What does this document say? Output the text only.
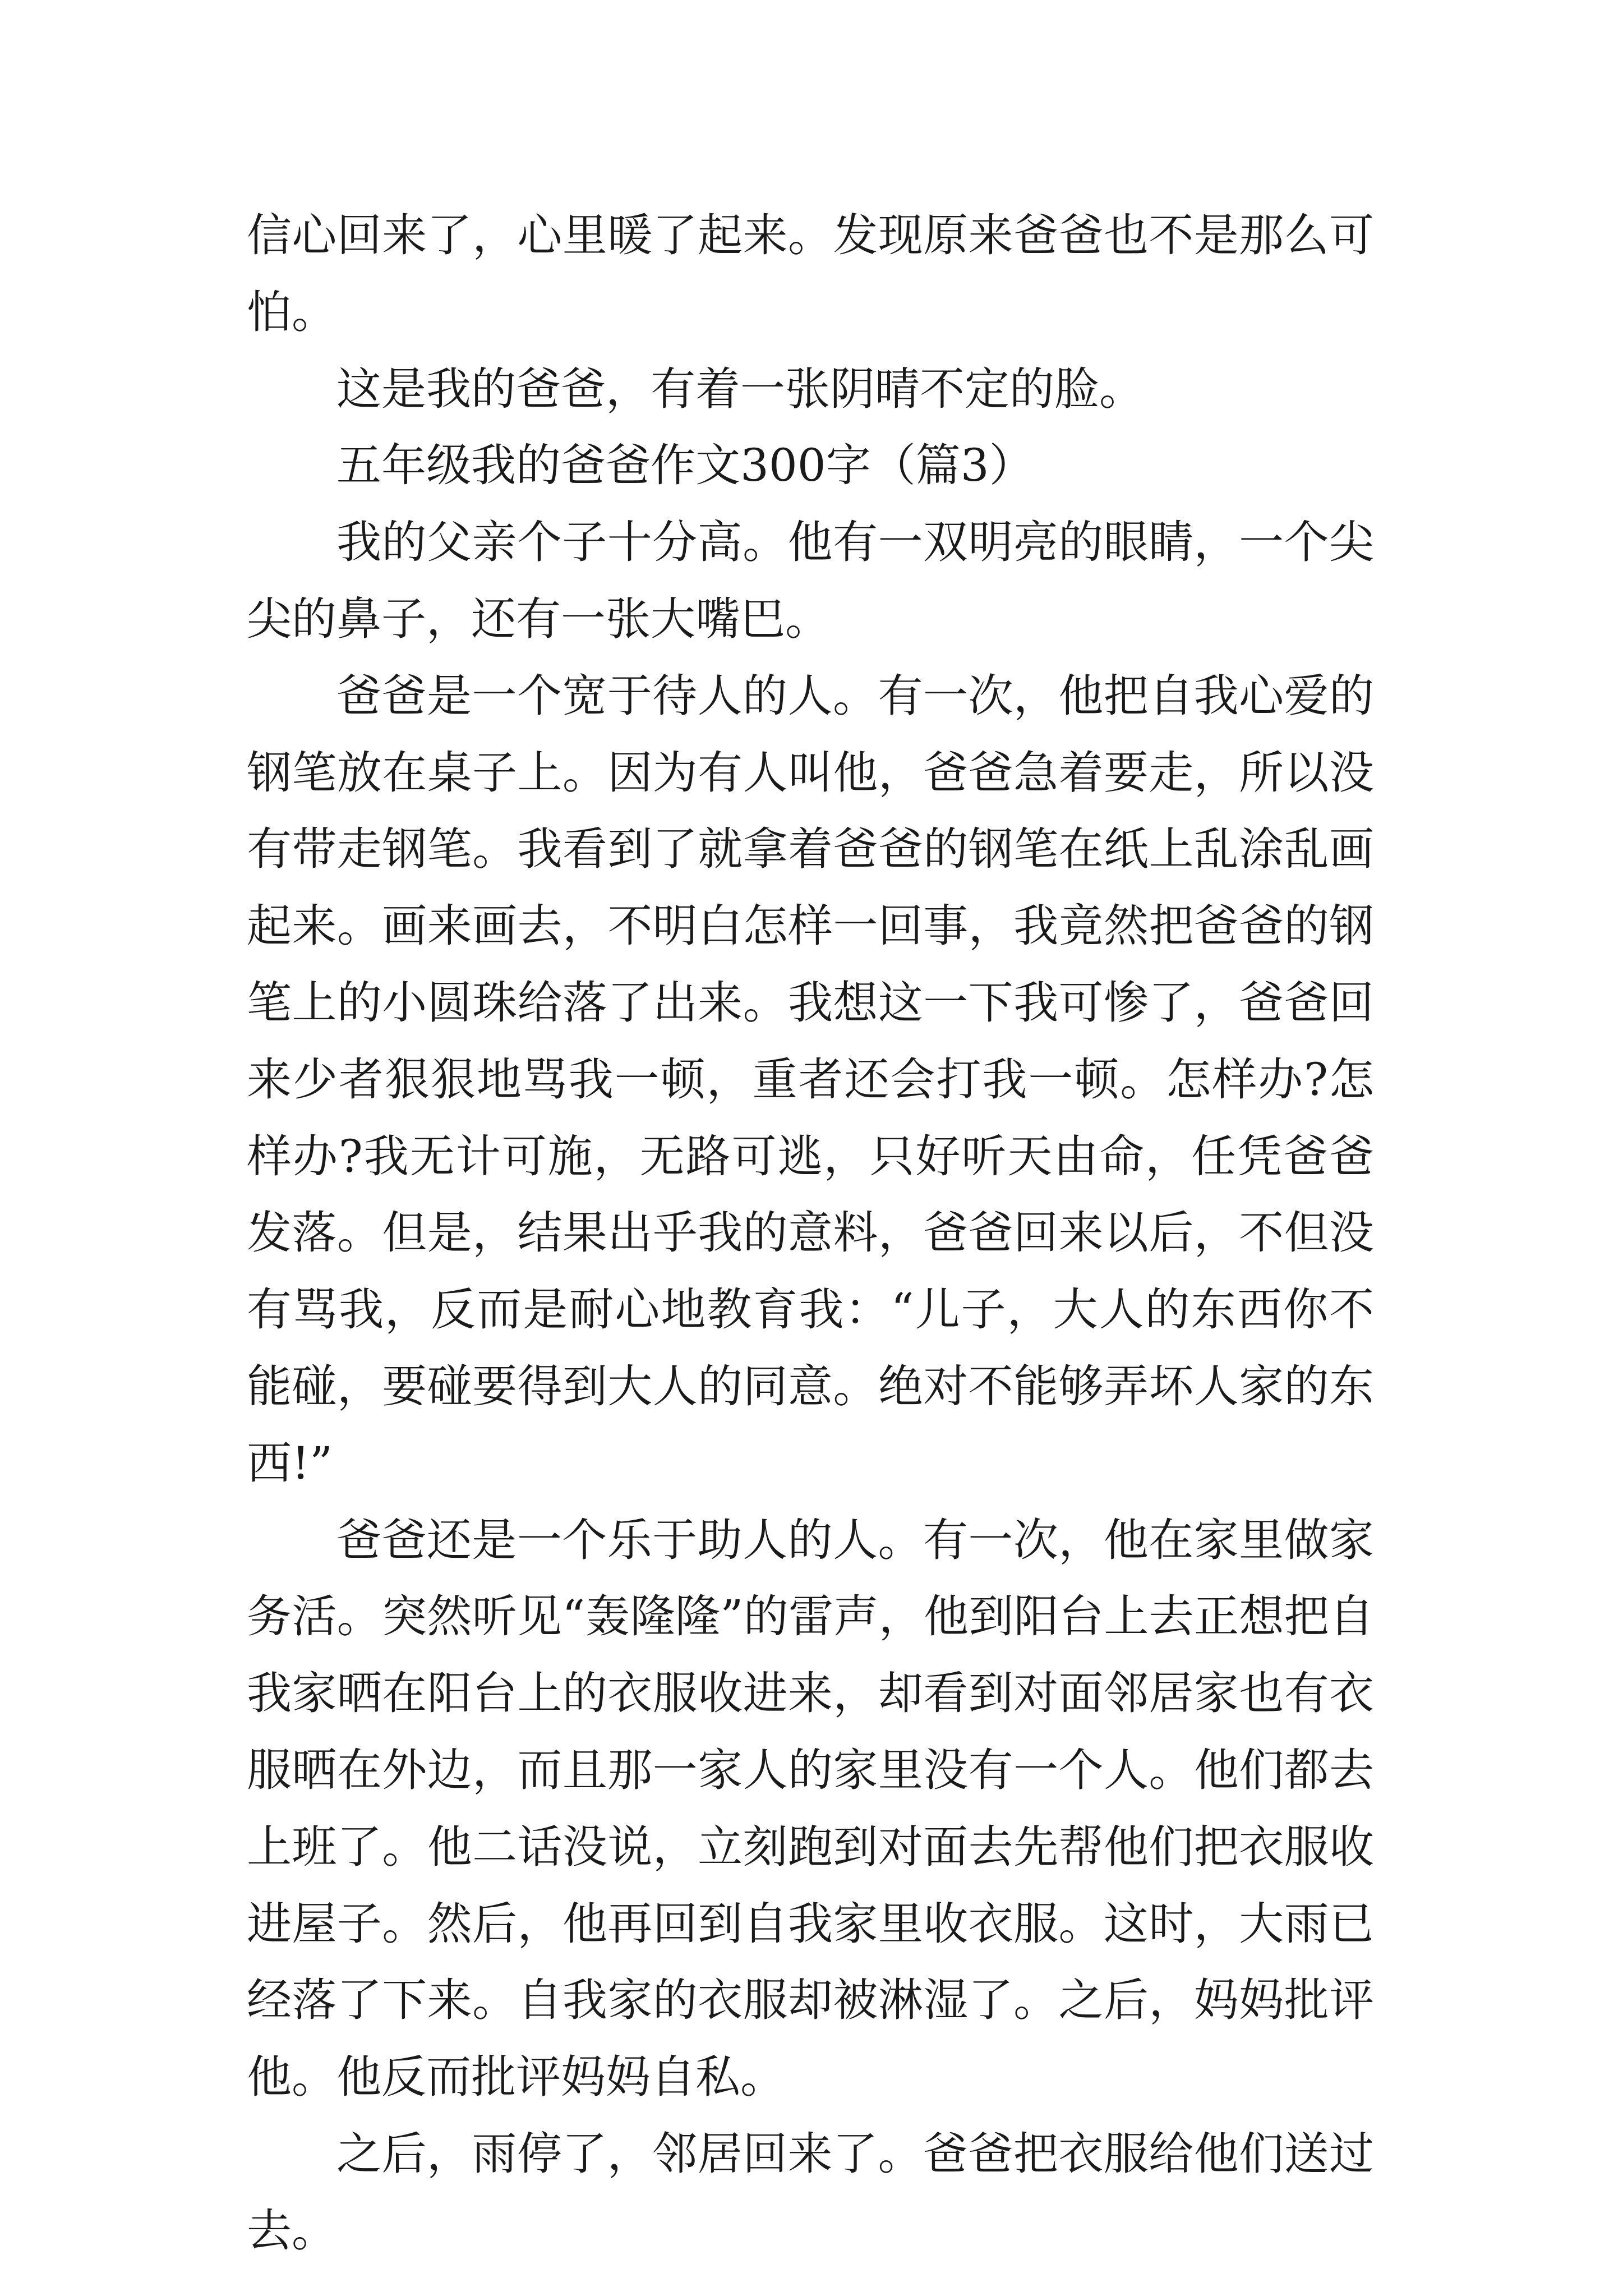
信心回来了，心里暖了起来。发现原来爸爸也不是那么可怕。

这是我的爸爸，有着一张阴晴不定的脸。

五年级我的爸爸作文300字（篇3）

我的父亲个子十分高。他有一双明亮的眼睛，一个尖尖的鼻子，还有一张大嘴巴。

爸爸是一个宽于待人的人。有一次，他把自我心爱的钢笔放在桌子上。因为有人叫他，爸爸急着要走，所以没有带走钢笔。我看到了就拿着爸爸的钢笔在纸上乱涂乱画起来。画来画去，不明白怎样一回事，我竟然把爸爸的钢笔上的小圆珠给落了出来。我想这一下我可惨了，爸爸回来少者狠狠地骂我一顿，重者还会打我一顿。怎样办?怎样办?我无计可施，无路可逃，只好听天由命，任凭爸爸发落。但是，结果出乎我的意料，爸爸回来以后，不但没有骂我，反而是耐心地教育我：“儿子，大人的东西你不能碰，要碰要得到大人的同意。绝对不能够弄坏人家的东西!”

爸爸还是一个乐于助人的人。有一次，他在家里做家务活。突然听见“轰隆隆”的雷声，他到阳台上去正想把自我家晒在阳台上的衣服收进来，却看到对面邻居家也有衣服晒在外边，而且那一家人的家里没有一个人。他们都去上班了。他二话没说，立刻跑到对面去先帮他们把衣服收进屋子。然后，他再回到自我家里收衣服。这时，大雨已经落了下来。自我家的衣服却被淋湿了。之后，妈妈批评他。他反而批评妈妈自私。

之后，雨停了，邻居回来了。爸爸把衣服给他们送过去。
